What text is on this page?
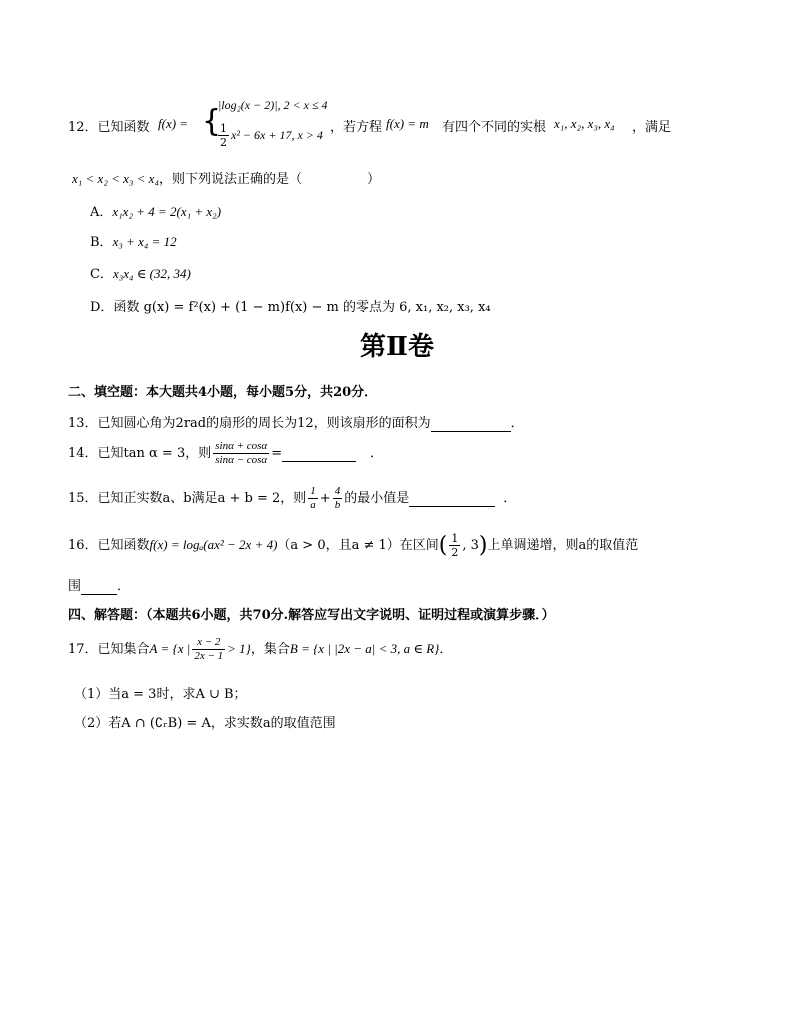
12．已知函数 f(x) = {
|log₂(x − 2)|, 2 < x ≤ 4
$\frac{1}{2} x^2 - 6x + 17$, x > 4 ，若方程 f(x) = m 有四个不同的实根 x₁, x₂, x₃, x₄ ，满足
x₁ < x₂ < x₃ < x₄，则下列说法正确的是（　　　　　）
A．x₁x₂ + 4 = 2(x₁ + x₂)
B．x₃ + x₄ = 12
C．x₃x₄ ∈ (32, 34)
D．函数 g(x) = f²(x) + (1 − m)f(x) − m 的零点为 6, x₁, x₂, x₃, x₄
第Ⅱ卷
二、填空题：本大题共4小题，每小题5分，共20分．
13．已知圆心角为2rad的扇形的周长为12，则该扇形的面积为	．
14．已知tan α = 3，则 $\frac{\sin\alpha + \cos\alpha}{\sin\alpha - \cos\alpha}$ =	．
15．已知正实数a、b满足a + b = 2，则 $\frac{1}{a} + \frac{4}{b}$ 的最小值是	．
16．已知函数f(x) = logₐ(ax² − 2x + 4)（a > 0，且a ≠ 1）在区间( $\frac{1}{2}$ , 3)上单调递增，则a的取值范
围	．
四、解答题：（本题共6小题，共70分.解答应写出文字说明、证明过程或演算步骤．）
17．已知集合A = {x | $\frac{x - 2}{2x - 1} > 1$}，集合B = {x | |2x − a| < 3, a ∈ R}．
（1）当a = 3时，求A ∪ B；
（2）若A ∩ (∁ᵣB) = A，求实数a的取值范围
